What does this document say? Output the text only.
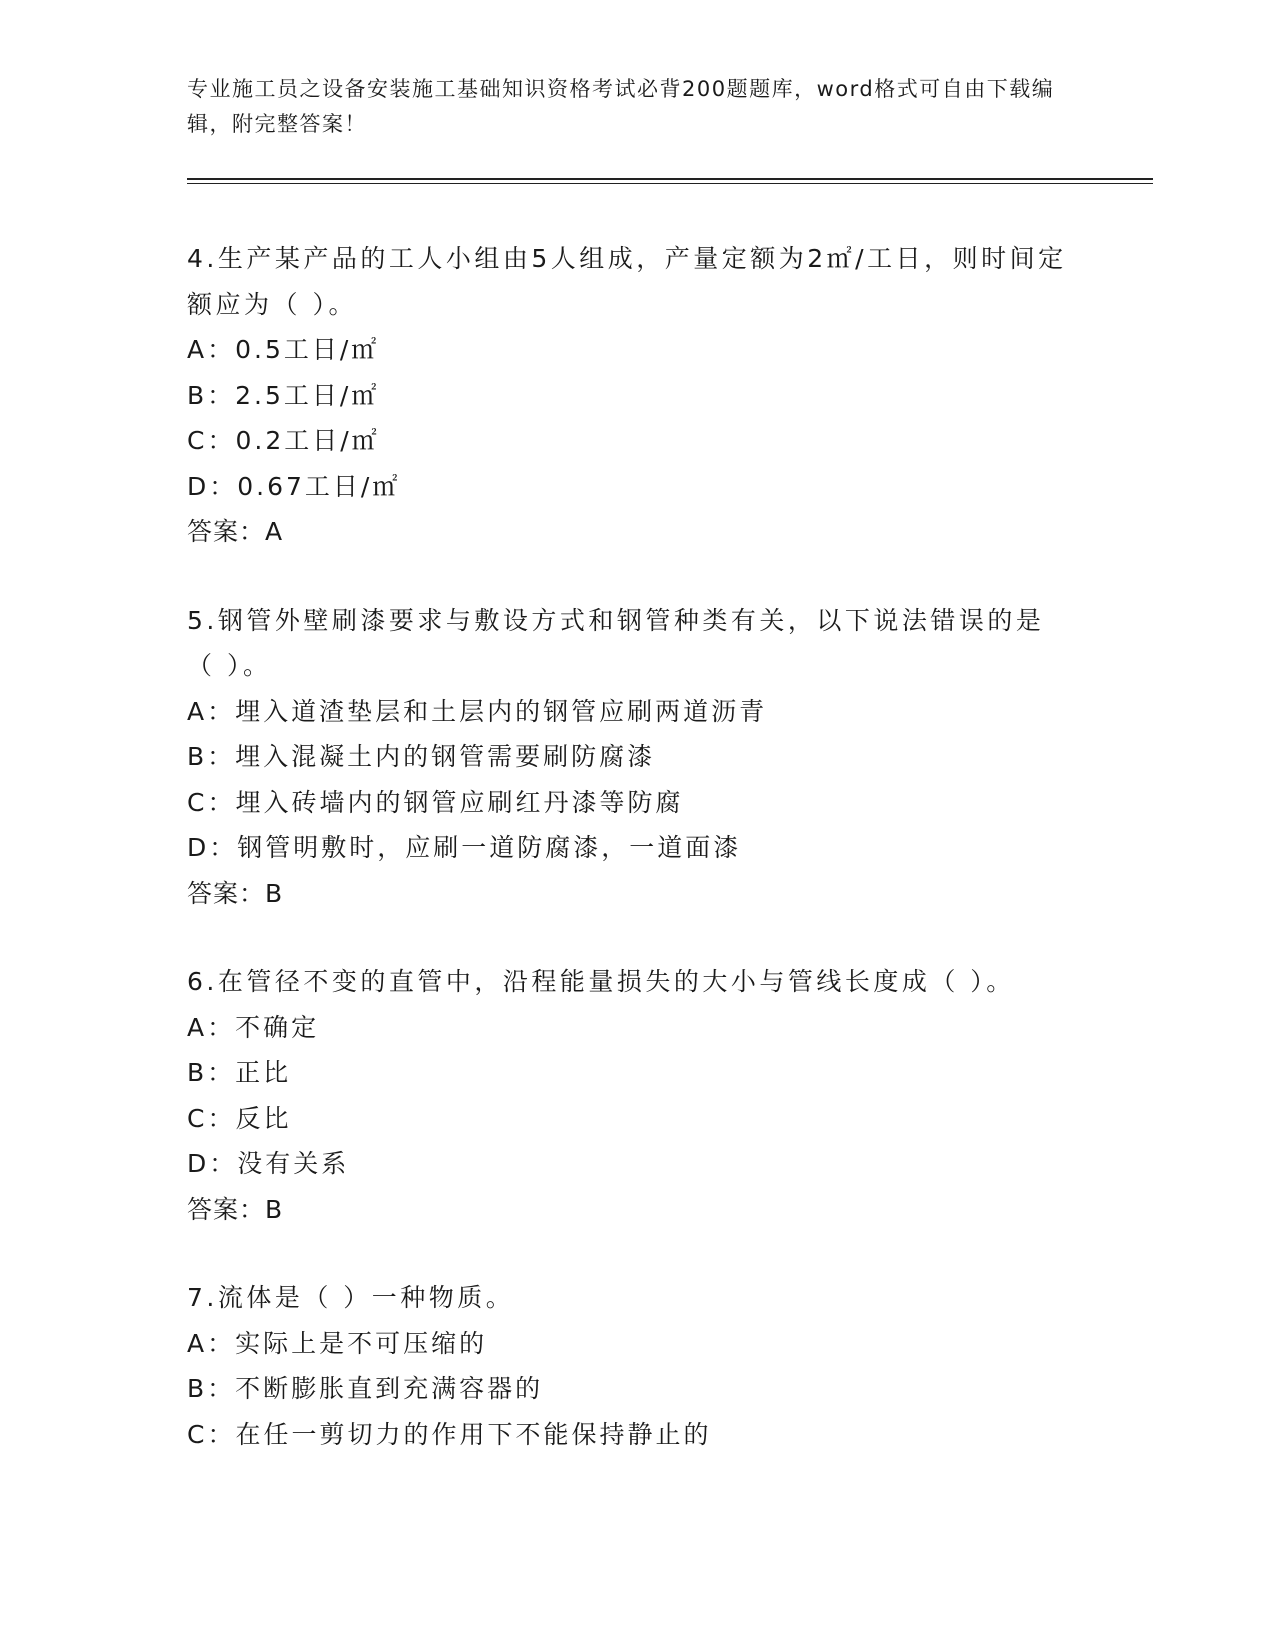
专业施工员之设备安装施工基础知识资格考试必背200题题库，word格式可自由下载编辑，附完整答案！
4.生产某产品的工人小组由5人组成，产量定额为2㎡/工日，则时间定额应为（ ）。
A：0.5工日/㎡
B：2.5工日/㎡
C：0.2工日/㎡
D：0.67工日/㎡
答案：A
5.钢管外壁刷漆要求与敷设方式和钢管种类有关，以下说法错误的是（ ）。
A：埋入道渣垫层和土层内的钢管应刷两道沥青
B：埋入混凝土内的钢管需要刷防腐漆
C：埋入砖墙内的钢管应刷红丹漆等防腐
D：钢管明敷时，应刷一道防腐漆，一道面漆
答案：B
6.在管径不变的直管中，沿程能量损失的大小与管线长度成（ ）。
A：不确定
B：正比
C：反比
D：没有关系
答案：B
7.流体是（ ）一种物质。
A：实际上是不可压缩的
B：不断膨胀直到充满容器的
C：在任一剪切力的作用下不能保持静止的
